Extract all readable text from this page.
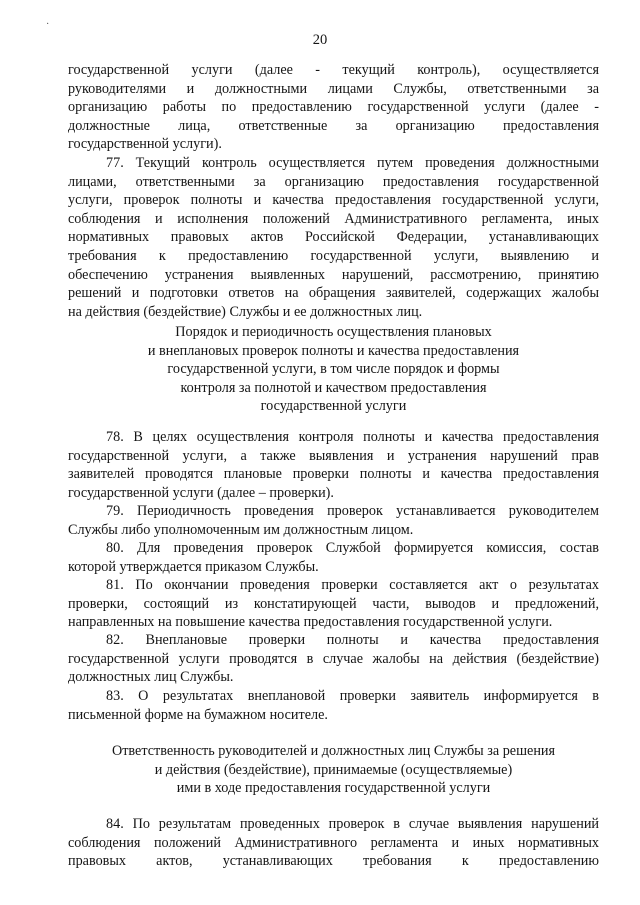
·
20
государственной услуги (далее - текущий контроль), осуществляется
руководителями и должностными лицами Службы, ответственными за
организацию работы по предоставлению государственной услуги (далее -
должностные лица, ответственные за организацию предоставления
государственной услуги).
77. Текущий контроль осуществляется путем проведения должностными
лицами, ответственными за организацию предоставления государственной
услуги, проверок полноты и качества предоставления государственной услуги,
соблюдения и исполнения положений Административного регламента, иных
нормативных правовых актов Российской Федерации, устанавливающих
требования к предоставлению государственной услуги, выявлению и
обеспечению устранения выявленных нарушений, рассмотрению, принятию
решений и подготовки ответов на обращения заявителей, содержащих жалобы
на действия (бездействие) Службы и ее должностных лиц.
Порядок и периодичность осуществления плановых
и внеплановых проверок полноты и качества предоставления
государственной услуги, в том числе порядок и формы
контроля за полнотой и качеством предоставления
государственной услуги
78. В целях осуществления контроля полноты и качества предоставления
государственной услуги, а также выявления и устранения нарушений прав
заявителей проводятся плановые проверки полноты и качества предоставления
государственной услуги (далее – проверки).
79. Периодичность проведения проверок устанавливается руководителем
Службы либо уполномоченным им должностным лицом.
80. Для проведения проверок Службой формируется комиссия, состав
которой утверждается приказом Службы.
81. По окончании проведения проверки составляется акт о результатах
проверки, состоящий из констатирующей части, выводов и предложений,
направленных на повышение качества предоставления государственной услуги.
82. Внеплановые проверки полноты и качества предоставления
государственной услуги проводятся в случае жалобы на действия (бездействие)
должностных лиц Службы.
83. О результатах внеплановой проверки заявитель информируется в
письменной форме на бумажном носителе.
Ответственность руководителей и должностных лиц Службы за решения
и действия (бездействие), принимаемые (осуществляемые)
ими в ходе предоставления государственной услуги
84. По результатам проведенных проверок в случае выявления нарушений
соблюдения положений Административного регламента и иных нормативных
правовых актов, устанавливающих требования к предоставлению
